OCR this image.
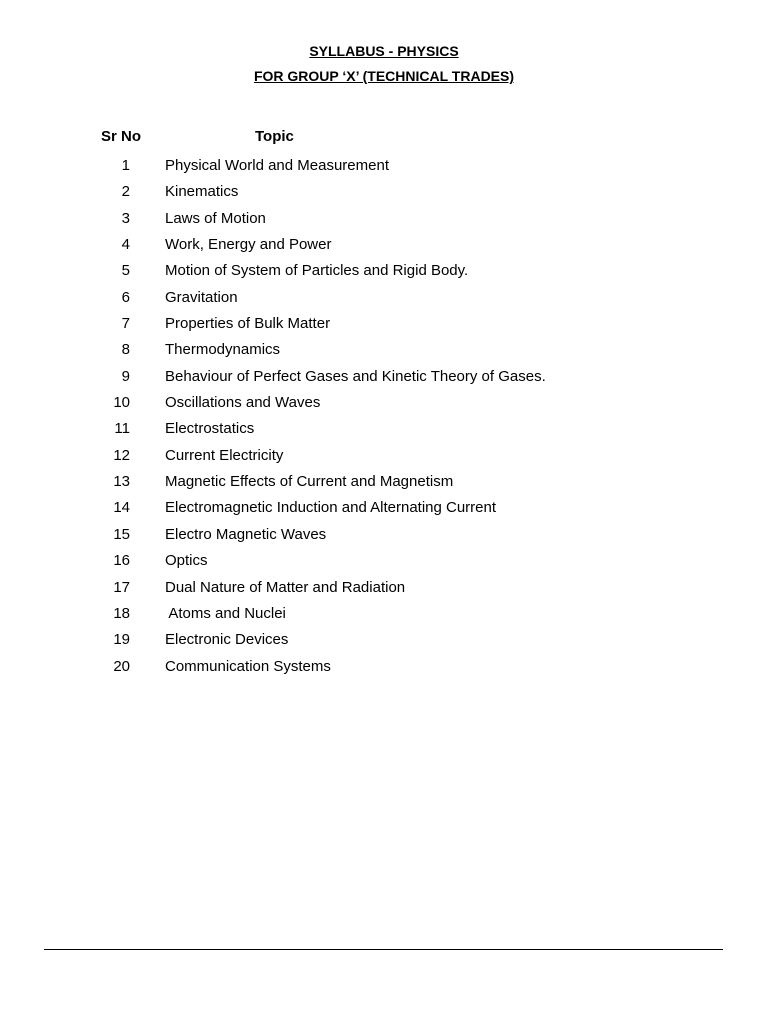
SYLLABUS - PHYSICS
FOR GROUP ‘X’ (TECHNICAL TRADES)
Sr No	Topic
1 Physical World and Measurement
2 Kinematics
3 Laws of Motion
4 Work, Energy and Power
5 Motion of System of Particles and Rigid Body.
6 Gravitation
7 Properties of Bulk Matter
8 Thermodynamics
9 Behaviour of Perfect Gases and Kinetic Theory of Gases.
10 Oscillations and Waves
11 Electrostatics
12 Current Electricity
13 Magnetic Effects of Current and Magnetism
14 Electromagnetic Induction and Alternating Current
15 Electro Magnetic Waves
16 Optics
17 Dual Nature of Matter and Radiation
18 Atoms and Nuclei
19 Electronic Devices
20 Communication Systems
